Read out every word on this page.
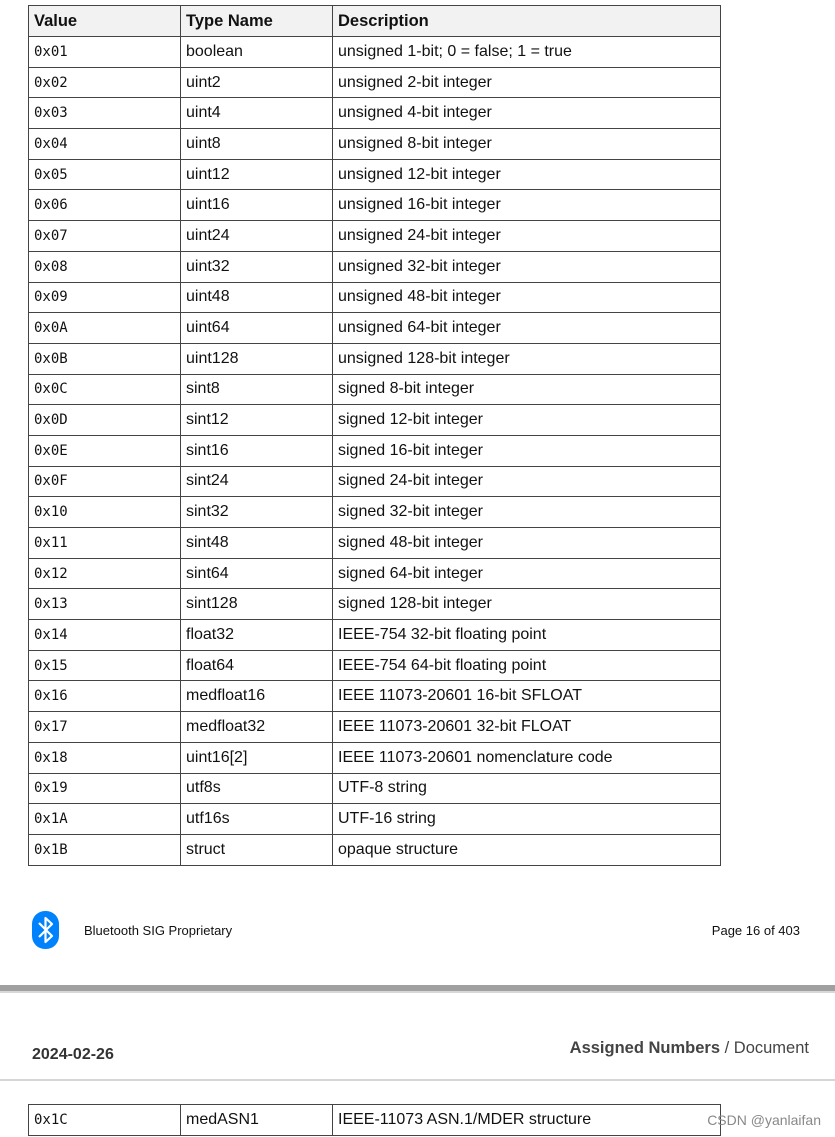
Value	Type Name	Description
0x01	boolean	unsigned 1-bit; 0 = false; 1 = true
0x02	uint2	unsigned 2-bit integer
0x03	uint4	unsigned 4-bit integer
0x04	uint8	unsigned 8-bit integer
0x05	uint12	unsigned 12-bit integer
0x06	uint16	unsigned 16-bit integer
0x07	uint24	unsigned 24-bit integer
0x08	uint32	unsigned 32-bit integer
0x09	uint48	unsigned 48-bit integer
0x0A	uint64	unsigned 64-bit integer
0x0B	uint128	unsigned 128-bit integer
0x0C	sint8	signed 8-bit integer
0x0D	sint12	signed 12-bit integer
0x0E	sint16	signed 16-bit integer
0x0F	sint24	signed 24-bit integer
0x10	sint32	signed 32-bit integer
0x11	sint48	signed 48-bit integer
0x12	sint64	signed 64-bit integer
0x13	sint128	signed 128-bit integer
0x14	float32	IEEE-754 32-bit floating point
0x15	float64	IEEE-754 64-bit floating point
0x16	medfloat16	IEEE 11073-20601 16-bit SFLOAT
0x17	medfloat32	IEEE 11073-20601 32-bit FLOAT
0x18	uint16[2]	IEEE 11073-20601 nomenclature code
0x19	utf8s	UTF-8 string
0x1A	utf16s	UTF-16 string
0x1B	struct	opaque structure
Bluetooth SIG Proprietary	Page 16 of 403
2024-02-26	Assigned Numbers / Document
0x1C	medASN1	IEEE-11073 ASN.1/MDER structure	CSDN @yanlaifan
